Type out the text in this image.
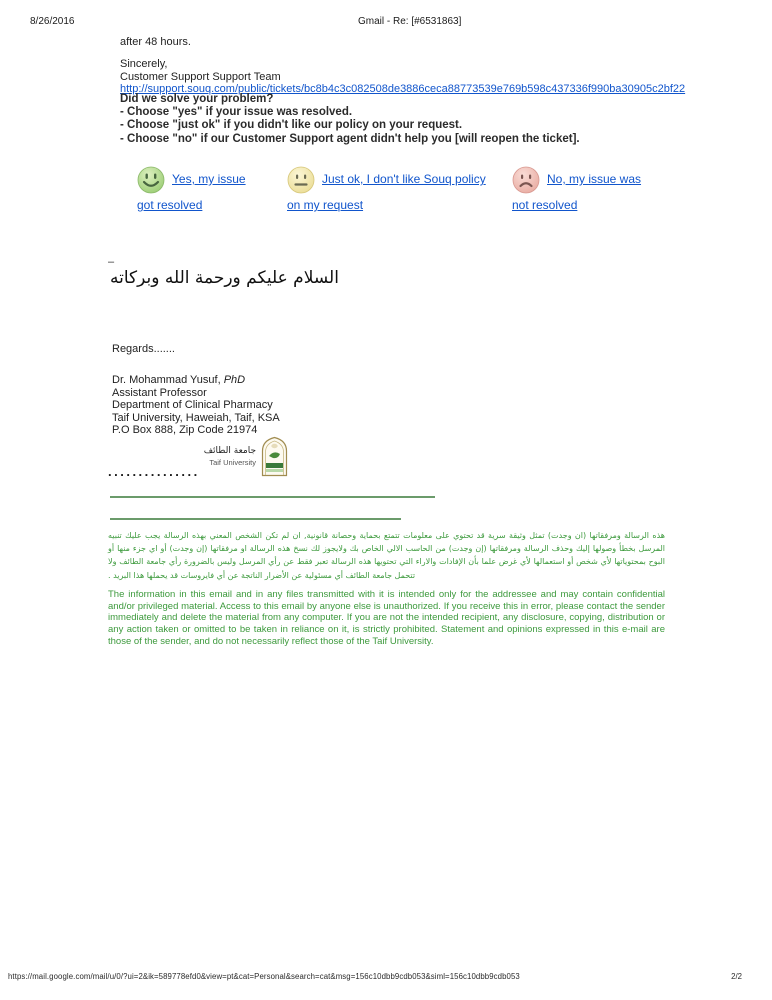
8/26/2016	Gmail - Re: [#6531863]

after 48 hours.

Sincerely,
Customer Support Support Team
http://support.souq.com/public/tickets/bc8b4c3c082508de3886ceca88773539e769b598c437336f990ba30905c2bf22

Did we solve your problem?
- Choose "yes" if your issue was resolved.
- Choose "just ok" if you didn't like our policy on your request.
- Choose "no" if our Customer Support agent didn't help you [will reopen the ticket].

Yes, my issue
got resolved
Just ok, I don't like Souq policy
on my request
No, my issue was
not resolved
–
السلام عليكم ورحمة الله وبركاته

Regards.......

Dr. Mohammad Yusuf, PhD
Assistant Professor
Department of Clinical Pharmacy
Taif University, Haweiah, Taif, KSA
P.O Box 888, Zip Code 21974

...............
جامعة الطائف
Taif University

هذه الرسالة ومرفقاتها (ان وجدت) تمثل وثيقة سرية قد تحتوي على معلومات تتمتع بحماية وحصانة قانونية, ان لم تكن الشخص المعني بهذه الرسالة يجب عليك تنبيه المرسل بخطأ وصولها إليك وحذف الرسالة ومرفقاتها (إن وجدت) من الحاسب الالي الخاص بك ولايجوز لك نسخ هذه الرسالة او مرفقاتها (إن وجدت) أو اي جزء منها أو البوح بمحتوياتها لأي شخص أو استعمالها لأي غرض علما بأن الإفادات والاراء التي تحتويها هذه الرسالة تعبر فقط عن رأي المرسل وليس بالضرورة رأي جامعة الطائف ولا تتحمل جامعة الطائف أي مسئولية عن الأضرار الناتجة عن أي فايروسات قد يحملها هذا البريد .

The information in this email and in any files transmitted with it is intended only for the addressee and may contain confidential and/or privileged material. Access to this email by anyone else is unauthorized. If you receive this in error, please contact the sender immediately and delete the material from any computer. If you are not the intended recipient, any disclosure, copying, distribution or any action taken or omitted to be taken in reliance on it, is strictly prohibited. Statement and opinions expressed in this e-mail are those of the sender, and do not necessarily reflect those of the Taif University.

https://mail.google.com/mail/u/0/?ui=2&ik=589778efd0&view=pt&cat=Personal&search=cat&msg=156c10dbb9cdb053&siml=156c10dbb9cdb053	2/2
